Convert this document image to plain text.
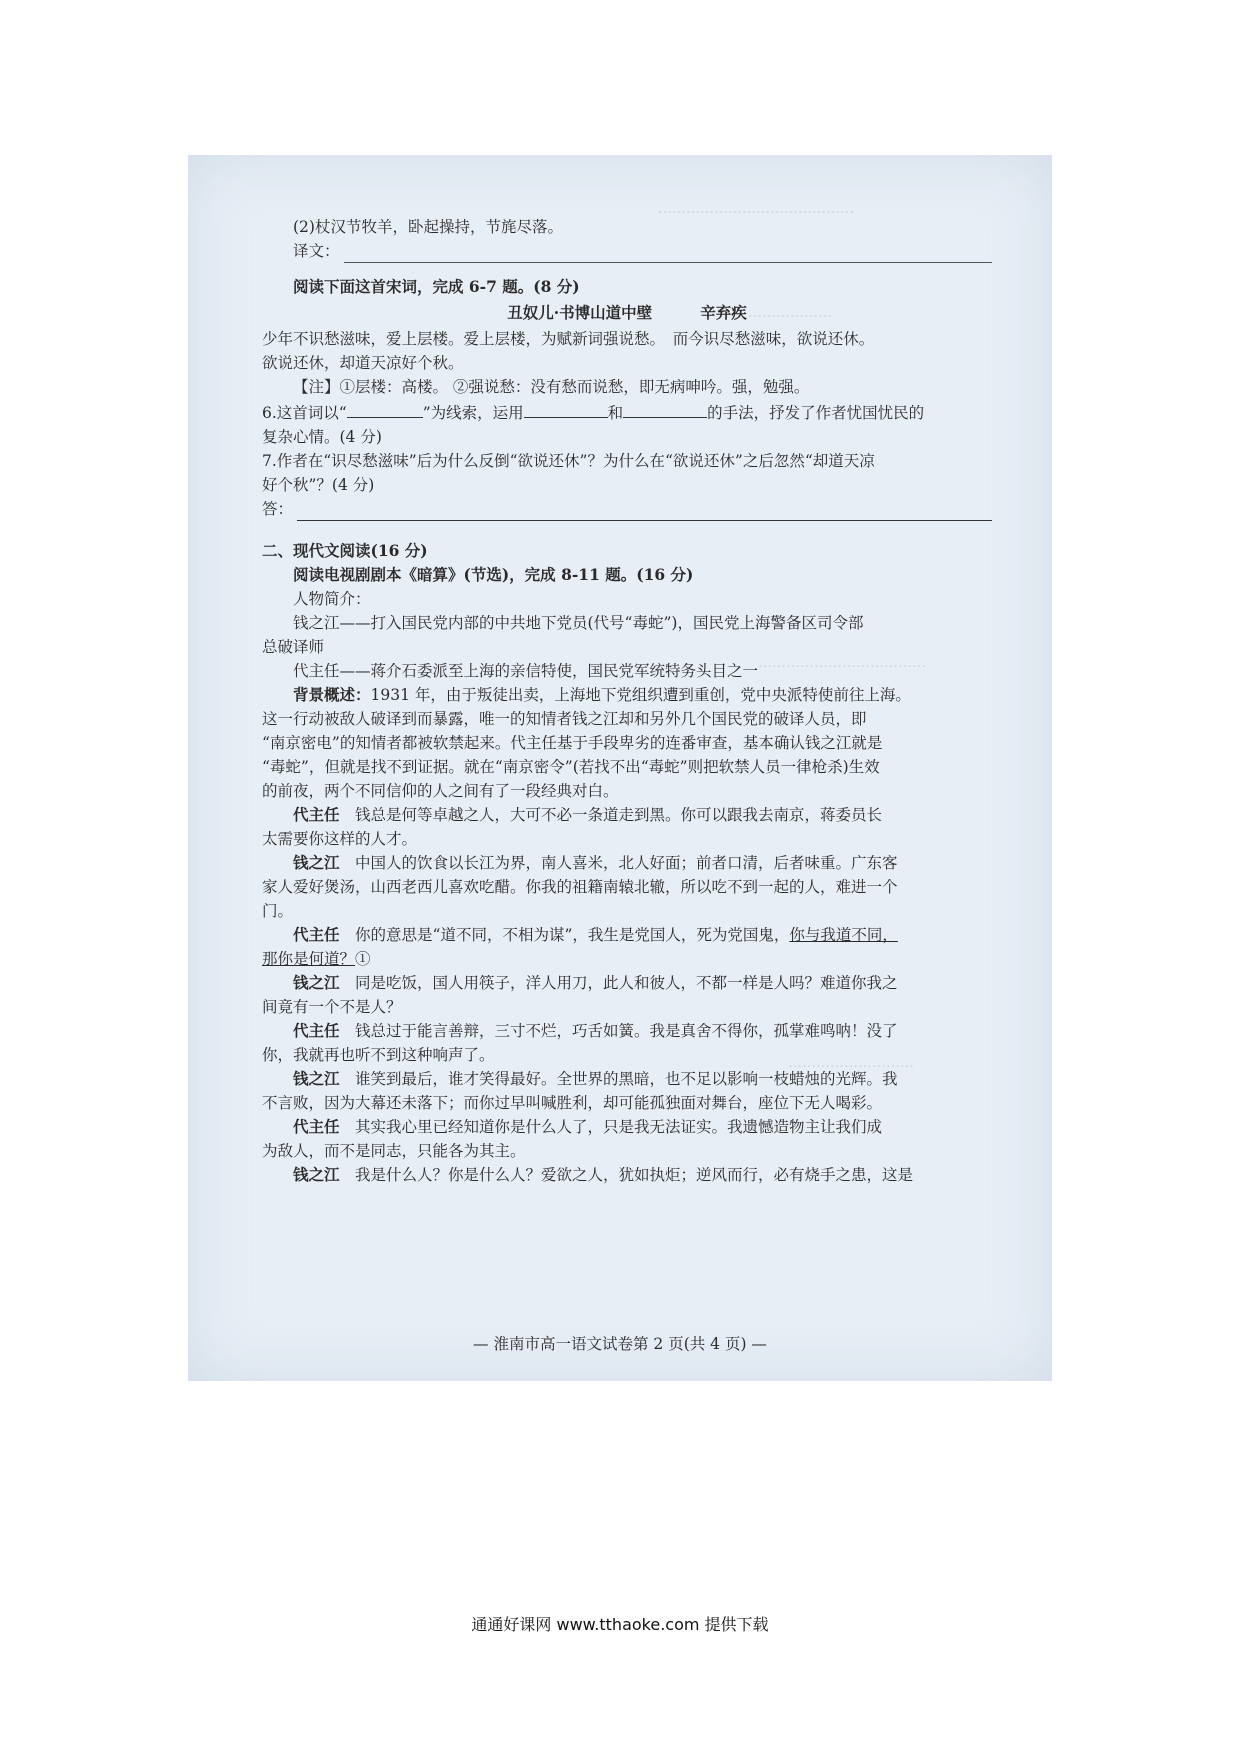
……………………………………
………………
………………………………
………………………

(2)杖汉节牧羊，卧起操持，节旄尽落。

译文：

阅读下面这首宋词，完成 6-7 题。(8 分)

丑奴儿·书博山道中壁	辛弃疾

少年不识愁滋味，爱上层楼。爱上层楼，为赋新词强说愁。　而今识尽愁滋味，欲说还休。

欲说还休，却道天凉好个秋。

【注】①层楼：高楼。 ②强说愁：没有愁而说愁，即无病呻吟。强，勉强。

6.这首词以“	”为线索，运用	和	的手法，抒发了作者忧国忧民的

复杂心情。(4 分)

7.作者在“识尽愁滋味”后为什么反倒“欲说还休”？为什么在“欲说还休”之后忽然“却道天凉

好个秋”？(4 分)

答：

二、现代文阅读(16 分)

阅读电视剧剧本《暗算》(节选)，完成 8-11 题。(16 分)

人物简介：

钱之江——打入国民党内部的中共地下党员(代号“毒蛇”)，国民党上海警备区司令部

总破译师

代主任——蒋介石委派至上海的亲信特使，国民党军统特务头目之一

背景概述：1931 年，由于叛徒出卖，上海地下党组织遭到重创，党中央派特使前往上海。

这一行动被敌人破译到而暴露，唯一的知情者钱之江却和另外几个国民党的破译人员，即

“南京密电”的知情者都被软禁起来。代主任基于手段卑劣的连番审查，基本确认钱之江就是

“毒蛇”，但就是找不到证据。就在“南京密令”(若找不出“毒蛇”则把软禁人员一律枪杀)生效

的前夜，两个不同信仰的人之间有了一段经典对白。

代主任　 钱总是何等卓越之人，大可不必一条道走到黑。你可以跟我去南京，蒋委员长

太需要你这样的人才。

钱之江　 中国人的饮食以长江为界，南人喜米，北人好面；前者口清，后者味重。广东客

家人爱好煲汤，山西老西儿喜欢吃醋。你我的祖籍南辕北辙，所以吃不到一起的人，难进一个

门。

代主任　 你的意思是“道不同，不相为谋”，我生是党国人，死为党国鬼，你与我道不同，

那你是何道？①

钱之江　 同是吃饭，国人用筷子，洋人用刀，此人和彼人，不都一样是人吗？难道你我之

间竟有一个不是人？

代主任　 钱总过于能言善辩，三寸不烂，巧舌如簧。我是真舍不得你，孤掌难鸣呐！没了

你，我就再也听不到这种响声了。

钱之江　 谁笑到最后，谁才笑得最好。全世界的黑暗，也不足以影响一枝蜡烛的光辉。我

不言败，因为大幕还未落下；而你过早叫喊胜利，却可能孤独面对舞台，座位下无人喝彩。

代主任　 其实我心里已经知道你是什么人了，只是我无法证实。我遗憾造物主让我们成

为敌人，而不是同志，只能各为其主。

钱之江　 我是什么人？你是什么人？爱欲之人，犹如执炬；逆风而行，必有烧手之患，这是

— 淮南市高一语文试卷第 2 页(共 4 页) —
通通好课网 www.tthaoke.com 提供下载
